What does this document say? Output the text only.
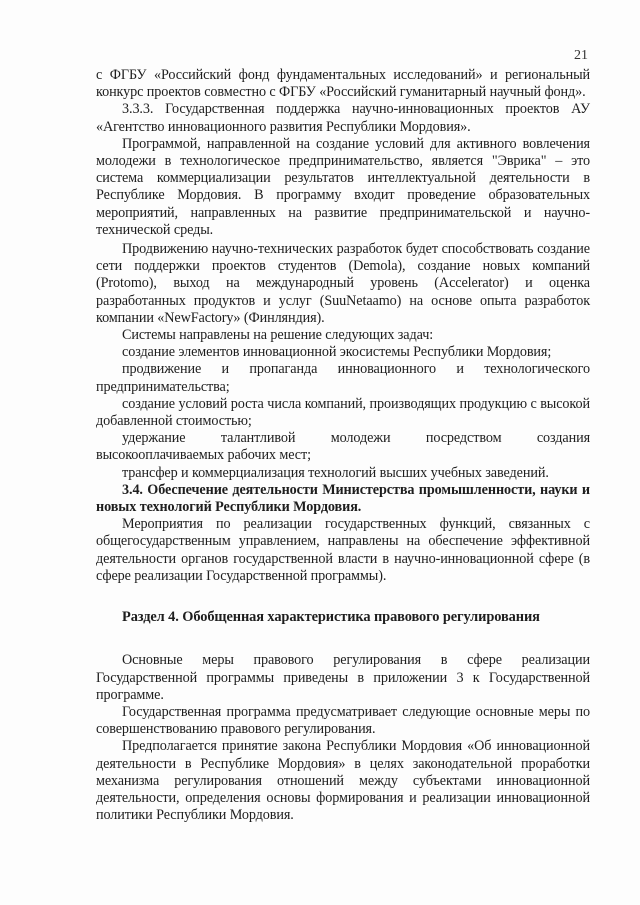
21

с ФГБУ «Российский фонд фундаментальных исследований» и региональный конкурс проектов совместно с ФГБУ «Российский гуманитарный научный фонд».

3.3.3. Государственная поддержка научно-инновационных проектов АУ «Агентство инновационного развития Республики Мордовия».

Программой, направленной на создание условий для активного вовлечения молодежи в технологическое предпринимательство, является "Эврика" – это система коммерциализации результатов интеллектуальной деятельности в Республике Мордовия. В программу входит проведение образовательных мероприятий, направленных на развитие предпринимательской и научно-технической среды.

Продвижению научно-технических разработок будет способствовать создание сети поддержки проектов студентов (Demola), создание новых компаний (Protomo), выход на международный уровень (Accelerator) и оценка разработанных продуктов и услуг (SuuNetaamo) на основе опыта разработок компании «NewFactory» (Финляндия).

Системы направлены на решение следующих задач:

создание элементов инновационной экосистемы Республики Мордовия;

продвижение и пропаганда инновационного и технологического предпринимательства;

создание условий роста числа компаний, производящих продукцию с высокой добавленной стоимостью;

удержание талантливой молодежи посредством создания высокооплачиваемых рабочих мест;

трансфер и коммерциализация технологий высших учебных заведений.

3.4. Обеспечение деятельности Министерства промышленности, науки и новых технологий Республики Мордовия.

Мероприятия по реализации государственных функций, связанных с общегосударственным управлением, направлены на обеспечение эффективной деятельности органов государственной власти в научно-инновационной сфере (в сфере реализации Государственной программы).

Раздел 4. Обобщенная характеристика правового регулирования

Основные меры правового регулирования в сфере реализации Государственной программы приведены в приложении 3 к Государственной программе.

Государственная программа предусматривает следующие основные меры по совершенствованию правового регулирования.

Предполагается принятие закона Республики Мордовия «Об инновационной деятельности в Республике Мордовия» в целях законодательной проработки механизма регулирования отношений между субъектами инновационной деятельности, определения основы формирования и реализации инновационной политики Республики Мордовия.
